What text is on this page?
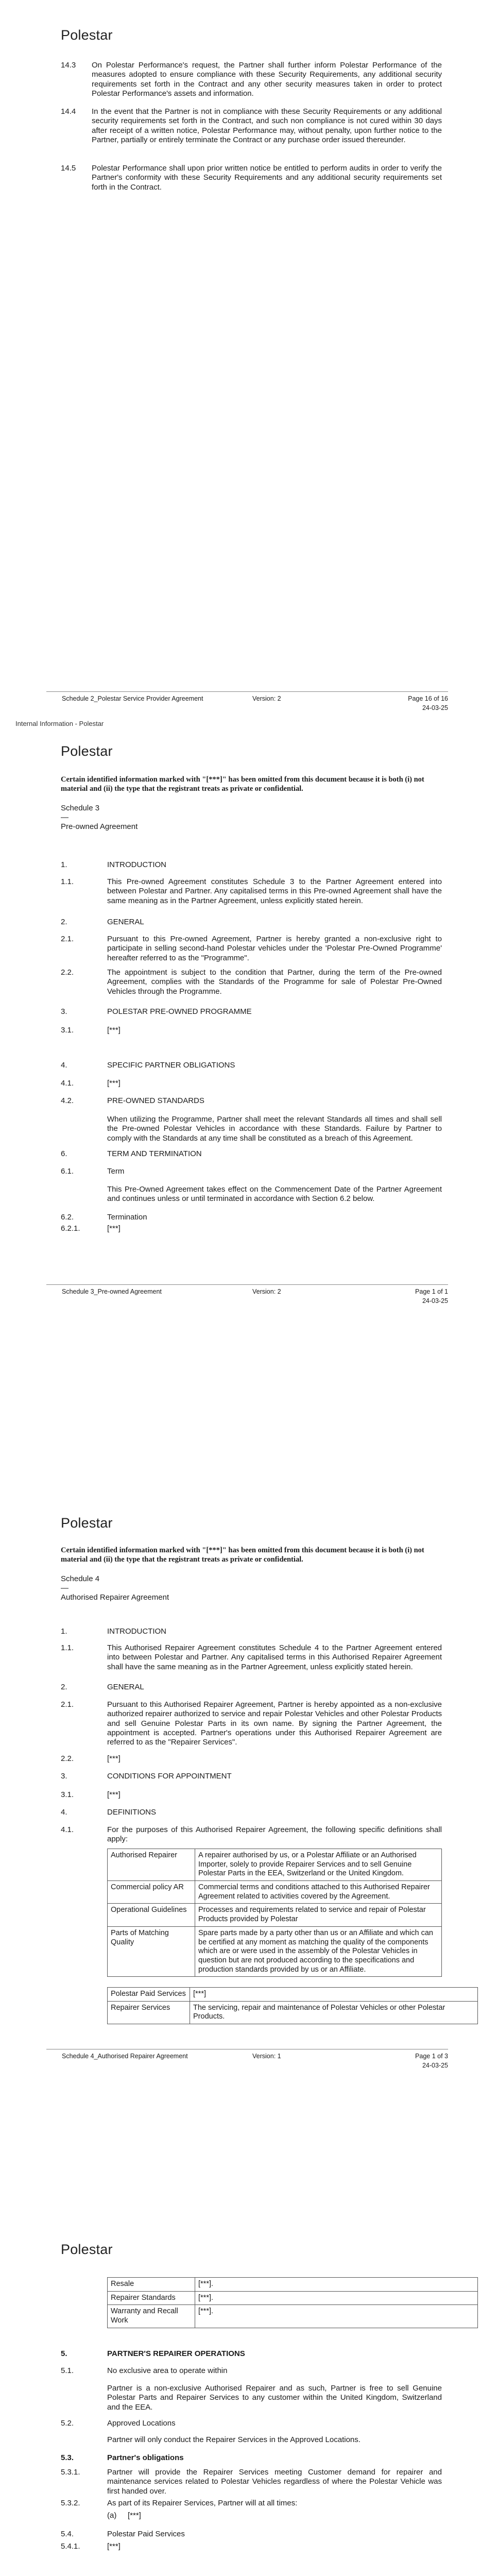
Polestar
14.3	On Polestar Performance's request, the Partner shall further inform Polestar Performance of the measures adopted to ensure compliance with these Security Requirements, any additional security requirements set forth in the Contract and any other security measures taken in order to protect Polestar Performance's assets and information.
14.4	In the event that the Partner is not in compliance with these Security Requirements or any additional security requirements set forth in the Contract, and such non compliance is not cured within 30 days after receipt of a written notice, Polestar Performance may, without penalty, upon further notice to the Partner, partially or entirely terminate the Contract or any purchase order issued thereunder.
14.5	Polestar Performance shall upon prior written notice be entitled to perform audits in order to verify the Partner's conformity with these Security Requirements and any additional security requirements set forth in the Contract.
Schedule 2_Polestar Service Provider Agreement	Version: 2	Page 16 of 16
24-03-25
Internal Information - Polestar
Polestar
Certain identified information marked with "[***]" has been omitted from this document because it is both (i) not material and (ii) the type that the registrant treats as private or confidential.
Schedule 3
—
Pre-owned Agreement
1.	INTRODUCTION
1.1.	This Pre-owned Agreement constitutes Schedule 3 to the Partner Agreement entered into between Polestar and Partner. Any capitalised terms in this Pre-owned Agreement shall have the same meaning as in the Partner Agreement, unless explicitly stated herein.
2.	GENERAL
2.1.	Pursuant to this Pre-owned Agreement, Partner is hereby granted a non-exclusive right to participate in selling second-hand Polestar vehicles under the 'Polestar Pre-Owned Programme' hereafter referred to as the "Programme".
2.2.	The appointment is subject to the condition that Partner, during the term of the Pre-owned Agreement, complies with the Standards of the Programme for sale of Polestar Pre-Owned Vehicles through the Programme.
3.	POLESTAR PRE-OWNED PROGRAMME
3.1.	[***]
4.	SPECIFIC PARTNER OBLIGATIONS
4.1.	[***]
4.2.	PRE-OWNED STANDARDS
When utilizing the Programme, Partner shall meet the relevant Standards all times and shall sell the Pre-owned Polestar Vehicles in accordance with these Standards. Failure by Partner to comply with the Standards at any time shall be constituted as a breach of this Agreement.
6.	TERM AND TERMINATION
6.1.	Term
This Pre-Owned Agreement takes effect on the Commencement Date of the Partner Agreement and continues unless or until terminated in accordance with Section 6.2 below.
6.2.	Termination
6.2.1.	[***]
Schedule 3_Pre-owned Agreement	Version: 2	Page 1 of 1
24-03-25
Polestar
Certain identified information marked with "[***]" has been omitted from this document because it is both (i) not material and (ii) the type that the registrant treats as private or confidential.
Schedule 4
—
Authorised Repairer Agreement
1.	INTRODUCTION
1.1.	This Authorised Repairer Agreement constitutes Schedule 4 to the Partner Agreement entered into between Polestar and Partner. Any capitalised terms in this Authorised Repairer Agreement shall have the same meaning as in the Partner Agreement, unless explicitly stated herein.
2.	GENERAL
2.1.	Pursuant to this Authorised Repairer Agreement, Partner is hereby appointed as a non-exclusive authorized repairer authorized to service and repair Polestar Vehicles and other Polestar Products and sell Genuine Polestar Parts in its own name. By signing the Partner Agreement, the appointment is accepted. Partner's operations under this Authorised Repairer Agreement are referred to as the "Repairer Services".
2.2.	[***]
3.	CONDITIONS FOR APPOINTMENT
3.1.	[***]
4.	DEFINITIONS
4.1.	For the purposes of this Authorised Repairer Agreement, the following specific definitions shall apply:
Authorised Repairer	A repairer authorised by us, or a Polestar Affiliate or an Authorised Importer, solely to provide Repairer Services and to sell Genuine Polestar Parts in the EEA, Switzerland or the United Kingdom.
Commercial policy AR	Commercial terms and conditions attached to this Authorised Repairer Agreement related to activities covered by the Agreement.
Operational Guidelines	Processes and requirements related to service and repair of Polestar Products provided by Polestar
Parts of Matching Quality	Spare parts made by a party other than us or an Affiliate and which can be certified at any moment as matching the quality of the components which are or were used in the assembly of the Polestar Vehicles in question but are not produced according to the specifications and production standards provided by us or an Affiliate.
Polestar Paid Services	[***]
Repairer Services	The servicing, repair and maintenance of Polestar Vehicles or other Polestar Products.
Schedule 4_Authorised Repairer Agreement	Version: 1	Page 1 of 3
24-03-25
Polestar
Resale	[***].
Repairer Standards	[***].
Warranty and Recall Work	[***].
5.	PARTNER'S REPAIRER OPERATIONS
5.1.	No exclusive area to operate within
Partner is a non-exclusive Authorised Repairer and as such, Partner is free to sell Genuine Polestar Parts and Repairer Services to any customer within the United Kingdom, Switzerland and the EEA.
5.2.	Approved Locations
Partner will only conduct the Repairer Services in the Approved Locations.
5.3.	Partner's obligations
5.3.1.	Partner will provide the Repairer Services meeting Customer demand for repairer and maintenance services related to Polestar Vehicles regardless of where the Polestar Vehicle was first handed over.
5.3.2.	As part of its Repairer Services, Partner will at all times:
(a)	[***]
5.4.	Polestar Paid Services
5.4.1.	[***]
